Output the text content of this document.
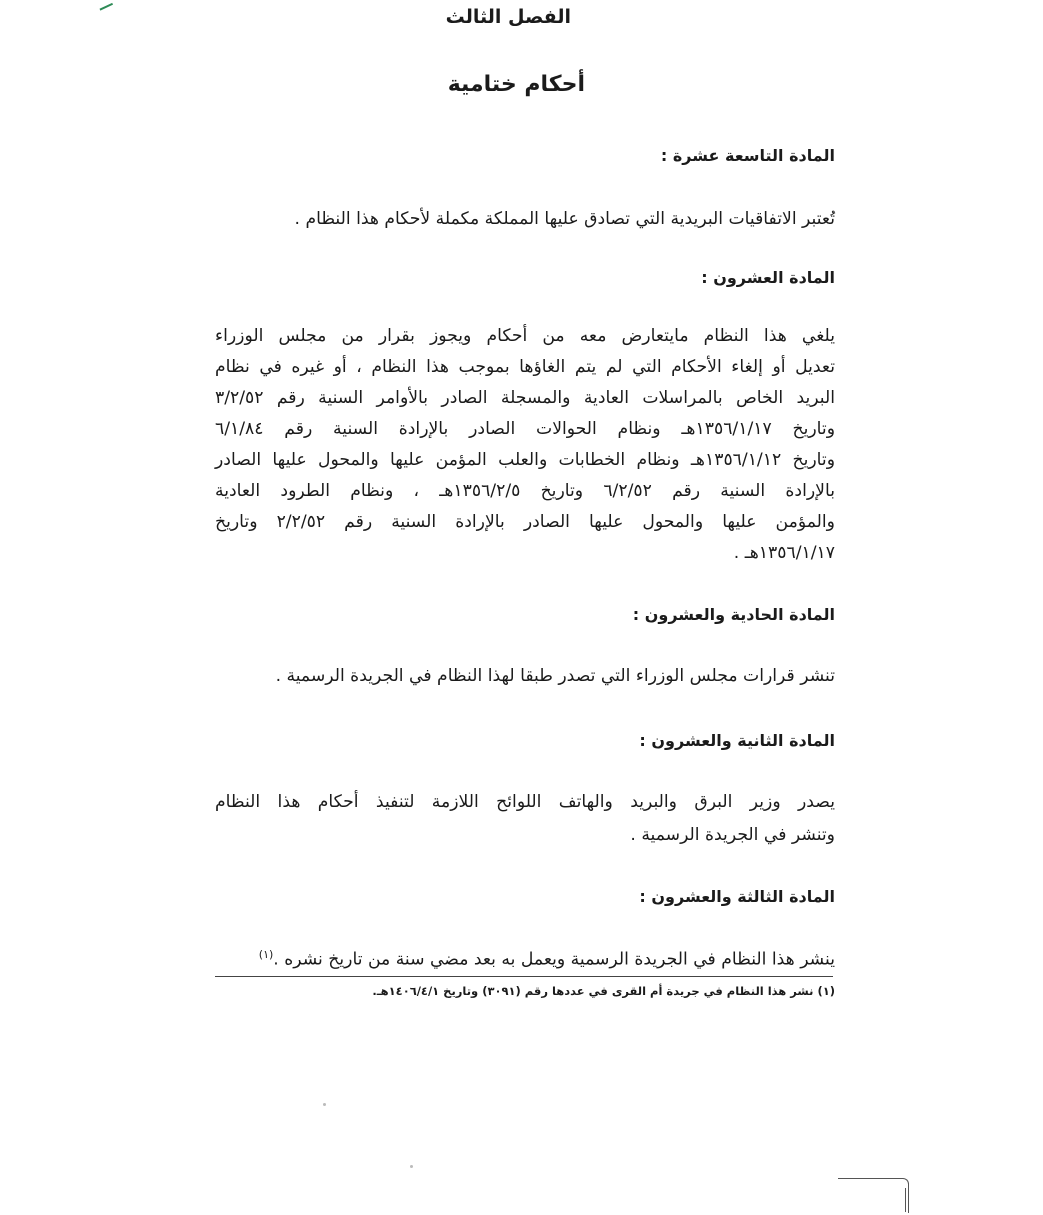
الفصل الثالث
أحكام ختامية
المادة التاسعة عشرة :
تُعتبر الاتفاقيات البريدية التي تصادق عليها المملكة مكملة لأحكام هذا النظام .
المادة العشرون :
يلغي هذا النظام مايتعارض معه من أحكام ويجوز بقرار من مجلس الوزراء
تعديل أو إلغاء الأحكام التي لم يتم الغاؤها بموجب هذا النظام ، أو غيره في نظام
البريد الخاص بالمراسلات العادية والمسجلة الصادر بالأوامر السنية رقم ٣/٢/٥٢
وتاريخ ١٣٥٦/١/١٧هـ ونظام الحوالات الصادر بالإرادة السنية رقم ٦/١/٨٤
وتاريخ ١٣٥٦/١/١٢هـ ونظام الخطابات والعلب المؤمن عليها والمحول عليها الصادر
بالإرادة السنية رقم ٦/٢/٥٢ وتاريخ ١٣٥٦/٢/٥هـ ، ونظام الطرود العادية
والمؤمن عليها والمحول عليها الصادر بالإرادة السنية رقم ٢/٢/٥٢ وتاريخ
١٣٥٦/١/١٧هـ .
المادة الحادية والعشرون :
تنشر قرارات مجلس الوزراء التي تصدر طبقا لهذا النظام في الجريدة الرسمية .
المادة الثانية والعشرون :
يصدر وزير البرق والبريد والهاتف اللوائح اللازمة لتنفيذ أحكام هذا النظام
وتنشر في الجريدة الرسمية .
المادة الثالثة والعشرون :
ينشر هذا النظام في الجريدة الرسمية ويعمل به بعد مضي سنة من تاريخ نشره .$^{(١)}$
(١) نشر هذا النظام في جريدة أم القرى في عددها رقم (٣٠٩١) وتاريخ ١٤٠٦/٤/١هـ.
